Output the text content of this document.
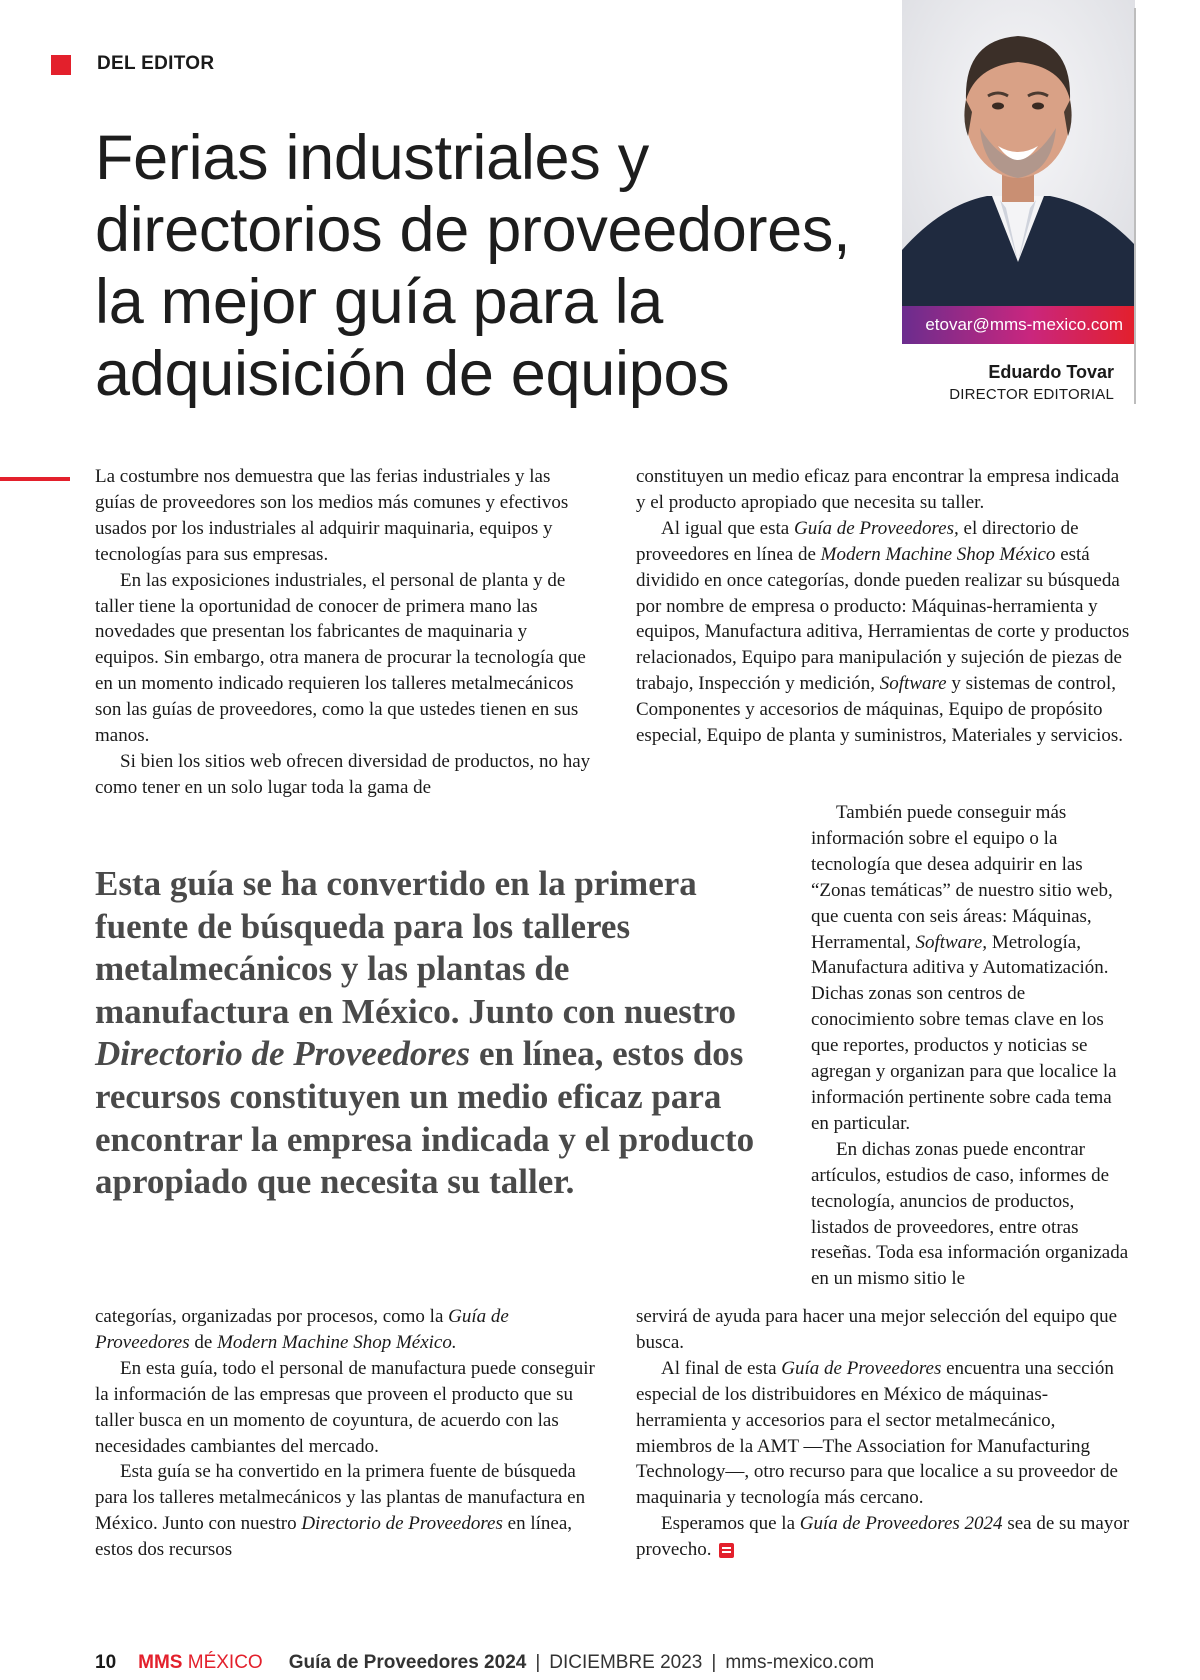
DEL EDITOR
Ferias industriales y directorios de proveedores, la mejor guía para la adquisición de equipos
etovar@mms-mexico.com
Eduardo Tovar
DIRECTOR EDITORIAL

La costumbre nos demuestra que las ferias industriales y las guías de proveedores son los medios más comunes y efectivos usados por los industriales al adquirir maquinaria, equipos y tecnologías para sus empresas.

En las exposiciones industriales, el personal de planta y de taller tiene la oportunidad de conocer de primera mano las novedades que presentan los fabricantes de maquinaria y equipos. Sin embargo, otra manera de procurar la tecnología que en un momento indicado requieren los talleres metalmecánicos son las guías de proveedores, como la que ustedes tienen en sus manos.

Si bien los sitios web ofrecen diversidad de productos, no hay como tener en un solo lugar toda la gama de

constituyen un medio eficaz para encontrar la empresa indicada y el producto apropiado que necesita su taller.

Al igual que esta Guía de Proveedores, el directorio de proveedores en línea de Modern Machine Shop México está dividido en once categorías, donde pueden realizar su búsqueda por nombre de empresa o producto: Máquinas-herramienta y equipos, Manufactura aditiva, Herramientas de corte y productos relacionados, Equipo para manipulación y sujeción de piezas de trabajo, Inspección y medición, Software y sistemas de control, Componentes y accesorios de máquinas, Equipo de propósito especial, Equipo de planta y suministros, Materiales y servicios.

Esta guía se ha convertido en la primera fuente de búsqueda para los talleres metalmecánicos y las plantas de manufactura en México. Junto con nuestro Directorio de Proveedores en línea, estos dos recursos constituyen un medio eficaz para encontrar la empresa indicada y el producto apropiado que necesita su taller.

También puede conseguir más información sobre el equipo o la tecnología que desea adquirir en las “Zonas temáticas” de nuestro sitio web, que cuenta con seis áreas: Máquinas, Herramental, Software, Metrología, Manufactura aditiva y Automatización. Dichas zonas son centros de conocimiento sobre temas clave en los que reportes, productos y noticias se agregan y organizan para que localice la información pertinente sobre cada tema en particular.

En dichas zonas puede encontrar artículos, estudios de caso, informes de tecnología, anuncios de productos, listados de proveedores, entre otras reseñas. Toda esa información organizada en un mismo sitio le

categorías, organizadas por procesos, como la Guía de Proveedores de Modern Machine Shop México.

En esta guía, todo el personal de manufactura puede conseguir la información de las empresas que proveen el producto que su taller busca en un momento de coyuntura, de acuerdo con las necesidades cambiantes del mercado.

Esta guía se ha convertido en la primera fuente de búsqueda para los talleres metalmecánicos y las plantas de manufactura en México. Junto con nuestro Directorio de Proveedores en línea, estos dos recursos

servirá de ayuda para hacer una mejor selección del equipo que busca.

Al final de esta Guía de Proveedores encuentra una sección especial de los distribuidores en México de máquinas-herramienta y accesorios para el sector metalmecánico, miembros de la AMT —The Association for Manufacturing Technology—, otro recurso para que localice a su proveedor de maquinaria y tecnología más cercano.

Esperamos que la Guía de Proveedores 2024 sea de su mayor provecho.

10 MMS MÉXICO Guía de Proveedores 2024 | DICIEMBRE 2023 | mms-mexico.com
